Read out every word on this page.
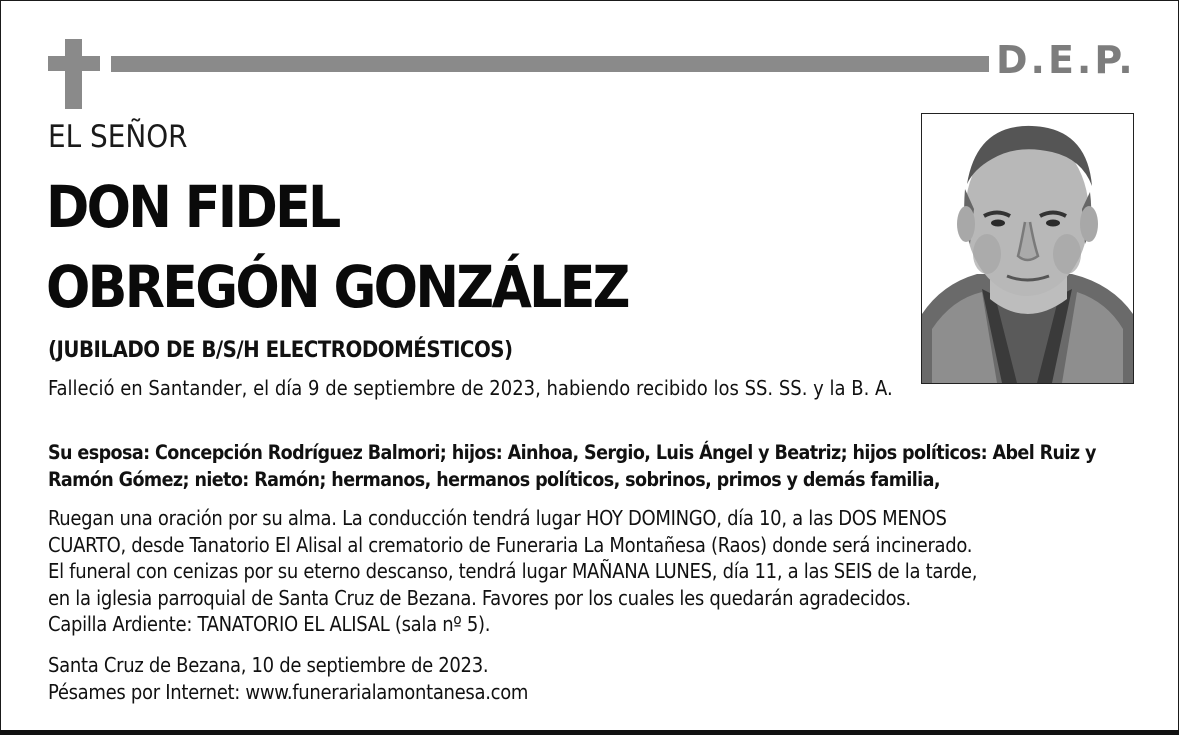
D.E.P.
EL SEÑOR
DON FIDEL
OBREGÓN GONZÁLEZ
(JUBILADO DE B/S/H ELECTRODOMÉSTICOS)
Falleció en Santander, el día 9 de septiembre de 2023, habiendo recibido los SS. SS. y la B. A.
Su esposa: Concepción Rodríguez Balmori; hijos: Ainhoa, Sergio, Luis Ángel y Beatriz; hijos políticos: Abel Ruiz y Ramón Gómez; nieto: Ramón; hermanos, hermanos políticos, sobrinos, primos y demás familia,
Ruegan una oración por su alma. La conducción tendrá lugar HOY DOMINGO, día 10, a las DOS MENOS
CUARTO, desde Tanatorio El Alisal al crematorio de Funeraria La Montañesa (Raos) donde será incinerado.
El funeral con cenizas por su eterno descanso, tendrá lugar MAÑANA LUNES, día 11, a las SEIS de la tarde,
en la iglesia parroquial de Santa Cruz de Bezana. Favores por los cuales les quedarán agradecidos.
Capilla Ardiente: TANATORIO EL ALISAL (sala nº 5).
Santa Cruz de Bezana, 10 de septiembre de 2023.
Pésames por Internet: www.funerarialamontanesa.com
